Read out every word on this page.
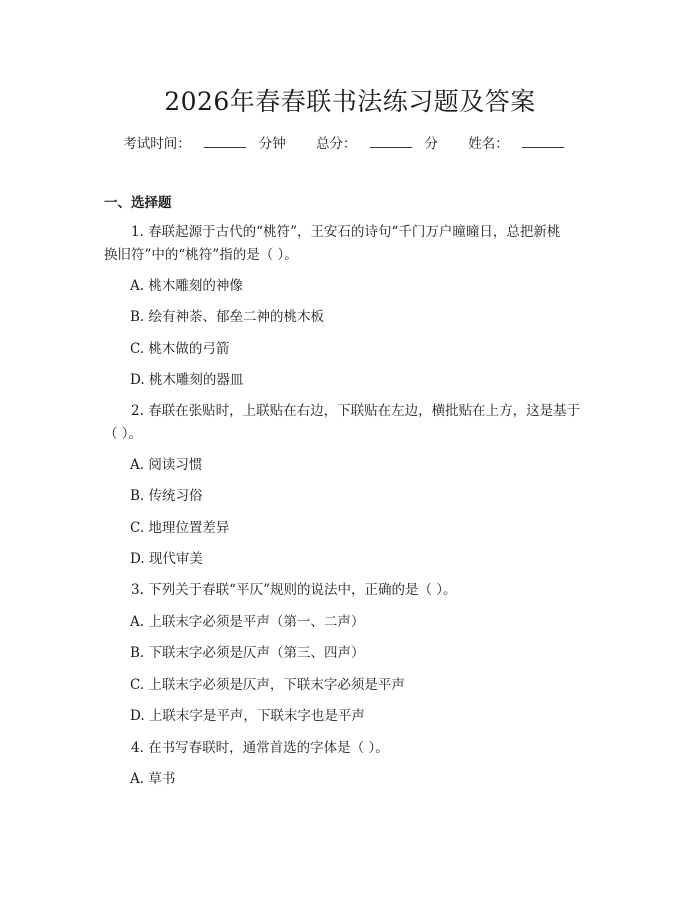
2026年春春联书法练习题及答案
考试时间：	分钟 总分：	分 姓名：
一、选择题
1. 春联起源于古代的“桃符”，王安石的诗句“千门万户曈曈日，总把新桃
换旧符”中的“桃符”指的是（ ）。
A. 桃木雕刻的神像
B. 绘有神荼、郁垒二神的桃木板
C. 桃木做的弓箭
D. 桃木雕刻的器皿
2. 春联在张贴时，上联贴在右边，下联贴在左边，横批贴在上方，这是基于
（ ）。
A. 阅读习惯
B. 传统习俗
C. 地理位置差异
D. 现代审美
3. 下列关于春联“平仄”规则的说法中，正确的是（ ）。
A. 上联末字必须是平声（第一、二声）
B. 下联末字必须是仄声（第三、四声）
C. 上联末字必须是仄声，下联末字必须是平声
D. 上联末字是平声，下联末字也是平声
4. 在书写春联时，通常首选的字体是（ ）。
A. 草书
